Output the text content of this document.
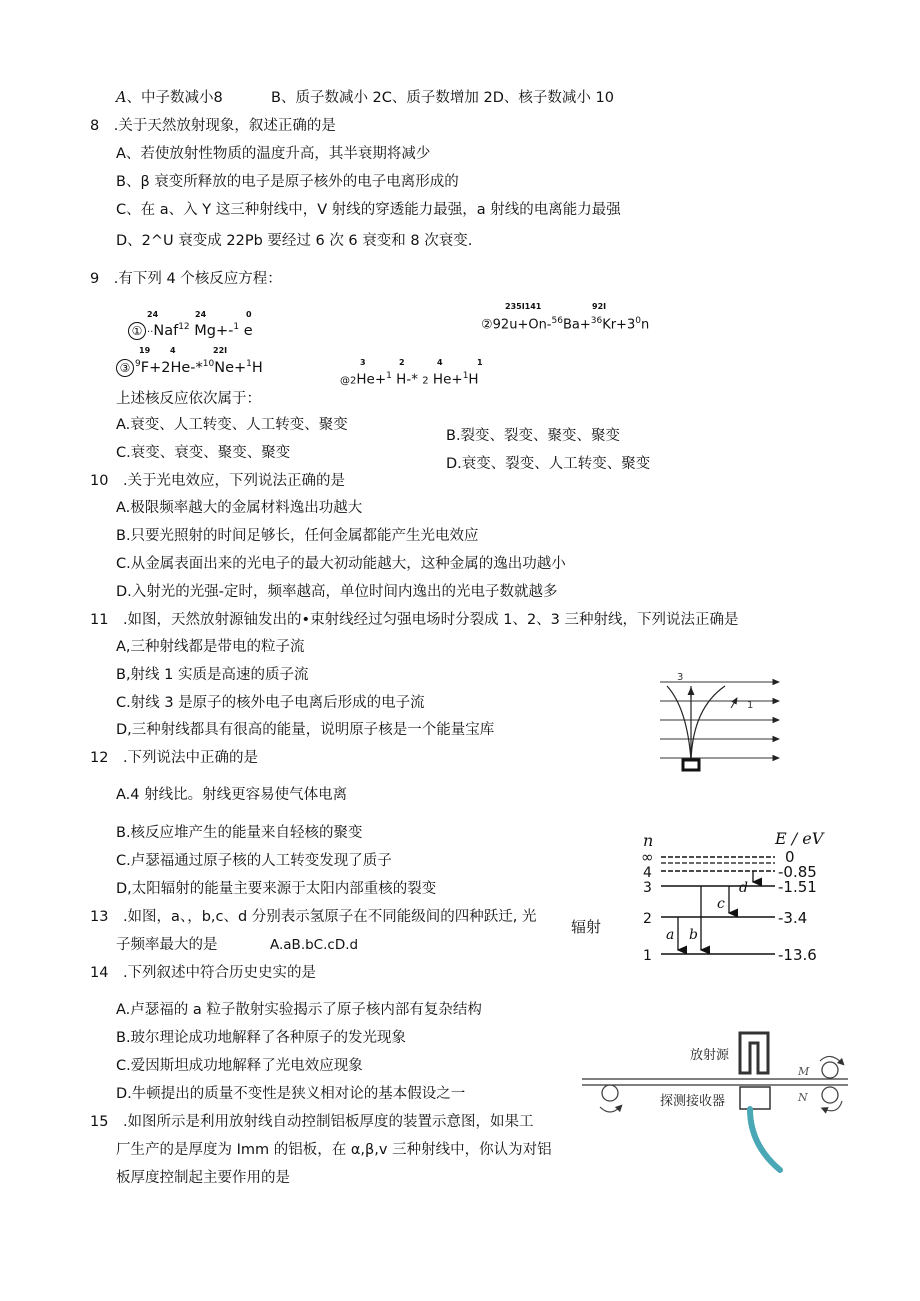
A、中子数减小8	B、质子数减小 2C、质子数增加 2D、核子数减小 10
8　.关于天然放射现象，叙述正确的是
A、若使放射性物质的温度升高，其半衰期将减少
B、β 衰变所释放的电子是原子核外的电子电离形成的
C、在 a、入 Y 这三种射线中，V 射线的穿透能力最强，a 射线的电离能力最强
D、2^U 衰变成 22Pb 要经过 6 次 6 衰变和 8 次衰变.
9　.有下列 4 个核反应方程：
24	24	0
① ··Naf$^{12}$ Mg+-$^1$ e
235I141	92I
$②92u+On-^{56}Ba+^{36}Kr+3^0n$
19 4	22I
③ $^9$F+2He-*$^{10}$Ne+$^1$H	3	2	4	1
@2He+$^1$ H-* 2 He+$^1$H
上述核反应依次属于：
A.衰变、人工转变、人工转变、聚变
B.裂变、裂变、聚变、聚变
C.衰变、衰变、聚变、聚变
D.衰变、裂变、人工转变、聚变
10　.关于光电效应，下列说法正确的是
A.极限频率越大的金属材料逸出功越大
B.只要光照射的时间足够长，任何金属都能产生光电效应
C.从金属表面出来的光电子的最大初动能越大，这种金属的逸出功越小
D.入射光的光强-定时，频率越高，单位时间内逸出的光电子数就越多
11　.如图，天然放射源铀发出的•束射线经过匀强电场时分裂成 1、2、3 三种射线，下列说法正确是
A,三种射线都是带电的粒子流
B,射线 1 实质是高速的质子流
C.射线 3 是原子的核外电子电离后形成的电子流
D,三种射线都具有很高的能量，说明原子核是一个能量宝库
3
1
12　.下列说法中正确的是
A.4 射线比。射线更容易使气体电离
B.核反应堆产生的能量来自轻核的聚变
C.卢瑟福通过原子核的人工转变发现了质子
D,太阳辐射的能量主要来源于太阳内部重核的裂变
13　.如图，a、，b,c、d 分别表示氢原子在不同能级间的四种跃迁, 光
子频率最大的是	A.aB.bC.cD.d
辐射
n	E / eV
∞
4
3
2
1
0
-0.85
-1.51
-3.4
-13.6
a b
c
d
14　.下列叙述中符合历史史实的是
A.卢瑟福的 a 粒子散射实验揭示了原子核内部有复杂结构
B.玻尔理论成功地解释了各种原子的发光现象
C.爱因斯坦成功地解释了光电效应现象
D.牛顿提出的质量不变性是狭义相对论的基本假设之一
15　.如图所示是利用放射线自动控制铝板厚度的装置示意图，如果工
厂生产的是厚度为 Imm 的铝板，在 α,β,v 三种射线中，你认为对铝
板厚度控制起主要作用的是
放射源
M
N
探测接收器
